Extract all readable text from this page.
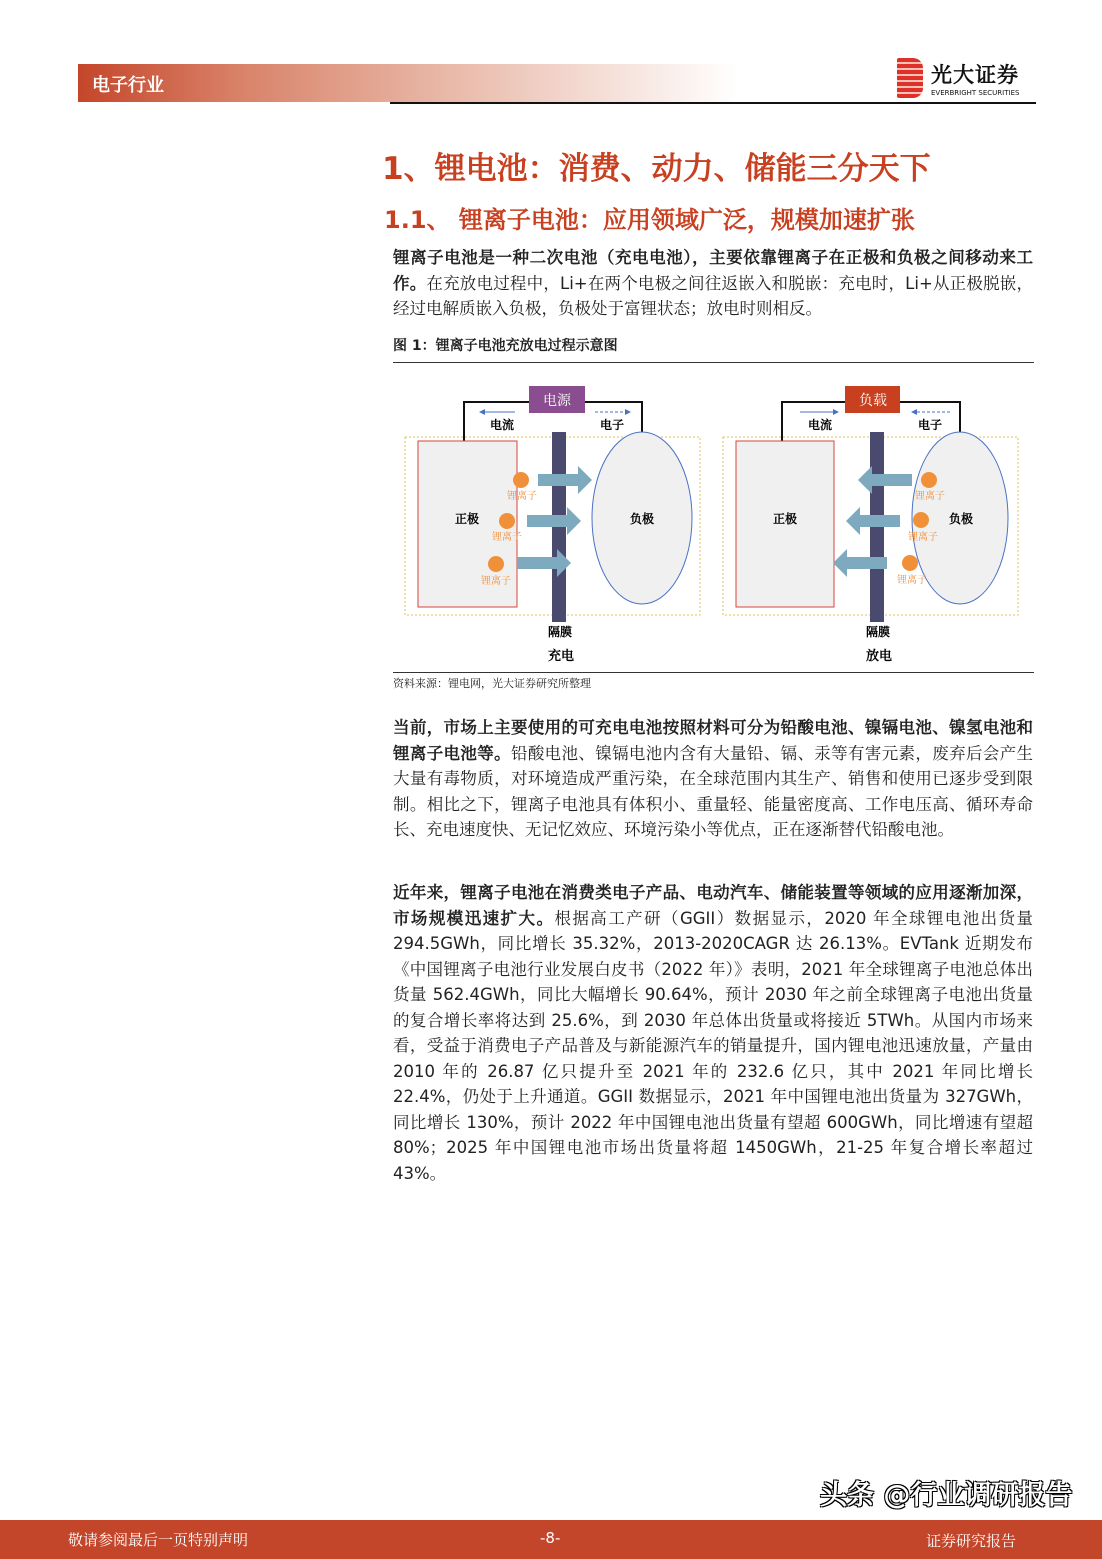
电子行业	光大证券
EVERBRIGHT SECURITIES
1、锂电池：消费、动力、储能三分天下
1.1、 锂离子电池：应用领域广泛，规模加速扩张
锂离子电池是一种二次电池（充电电池），主要依靠锂离子在正极和负极之间移动来工作。在充放电过程中，Li+在两个电极之间往返嵌入和脱嵌：充电时，Li+从正极脱嵌，经过电解质嵌入负极，负极处于富锂状态；放电时则相反。
图 1：锂离子电池充放电过程示意图
电源
电流	电子
正极	负极
锂离子
锂离子
锂离子
隔膜
充电
负载
电流	电子
正极	负极
锂离子
锂离子
锂离子
隔膜
放电
资料来源：锂电网，光大证券研究所整理
当前，市场上主要使用的可充电电池按照材料可分为铅酸电池、镍镉电池、镍氢电池和锂离子电池等。铅酸电池、镍镉电池内含有大量铅、镉、汞等有害元素，废弃后会产生大量有毒物质，对环境造成严重污染，在全球范围内其生产、销售和使用已逐步受到限制。相比之下，锂离子电池具有体积小、重量轻、能量密度高、工作电压高、循环寿命长、充电速度快、无记忆效应、环境污染小等优点，正在逐渐替代铅酸电池。
近年来，锂离子电池在消费类电子产品、电动汽车、储能装置等领域的应用逐渐加深，市场规模迅速扩大。根据高工产研（GGII）数据显示，2020 年全球锂电池出货量 294.5GWh，同比增长 35.32%，2013-2020CAGR 达 26.13%。EVTank 近期发布《中国锂离子电池行业发展白皮书（2022 年）》表明，2021 年全球锂离子电池总体出货量 562.4GWh，同比大幅增长 90.64%，预计 2030 年之前全球锂离子电池出货量的复合增长率将达到 25.6%，到 2030 年总体出货量或将接近 5TWh。从国内市场来看，受益于消费电子产品普及与新能源汽车的销量提升，国内锂电池迅速放量，产量由 2010 年的 26.87 亿只提升至 2021 年的 232.6 亿只，其中 2021 年同比增长 22.4%，仍处于上升通道。GGII 数据显示，2021 年中国锂电池出货量为 327GWh，同比增长 130%，预计 2022 年中国锂电池出货量有望超 600GWh，同比增速有望超 80%；2025 年中国锂电池市场出货量将超 1450GWh，21-25 年复合增长率超过 43%。
敬请参阅最后一页特别声明	-8-	证券研究报告
头条 @行业调研报告
